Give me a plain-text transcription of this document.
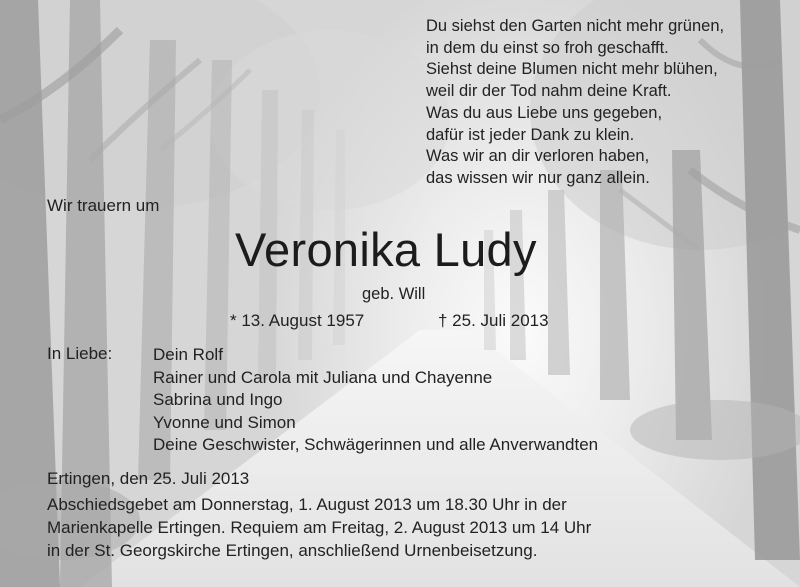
Du siehst den Garten nicht mehr grünen,
in dem du einst so froh geschafft.
Siehst deine Blumen nicht mehr blühen,
weil dir der Tod nahm deine Kraft.
Was du aus Liebe uns gegeben,
dafür ist jeder Dank zu klein.
Was wir an dir verloren haben,
das wissen wir nur ganz allein.
Wir trauern um
Veronika Ludy
geb. Will
* 13. August 1957	† 25. Juli 2013
In Liebe: Dein Rolf
Rainer und Carola mit Juliana und Chayenne
Sabrina und Ingo
Yvonne und Simon
Deine Geschwister, Schwägerinnen und alle Anverwandten
Ertingen, den 25. Juli 2013
Abschiedsgebet am Donnerstag, 1. August 2013 um 18.30 Uhr in der
Marienkapelle Ertingen. Requiem am Freitag, 2. August 2013 um 14 Uhr
in der St. Georgskirche Ertingen, anschließend Urnenbeisetzung.
